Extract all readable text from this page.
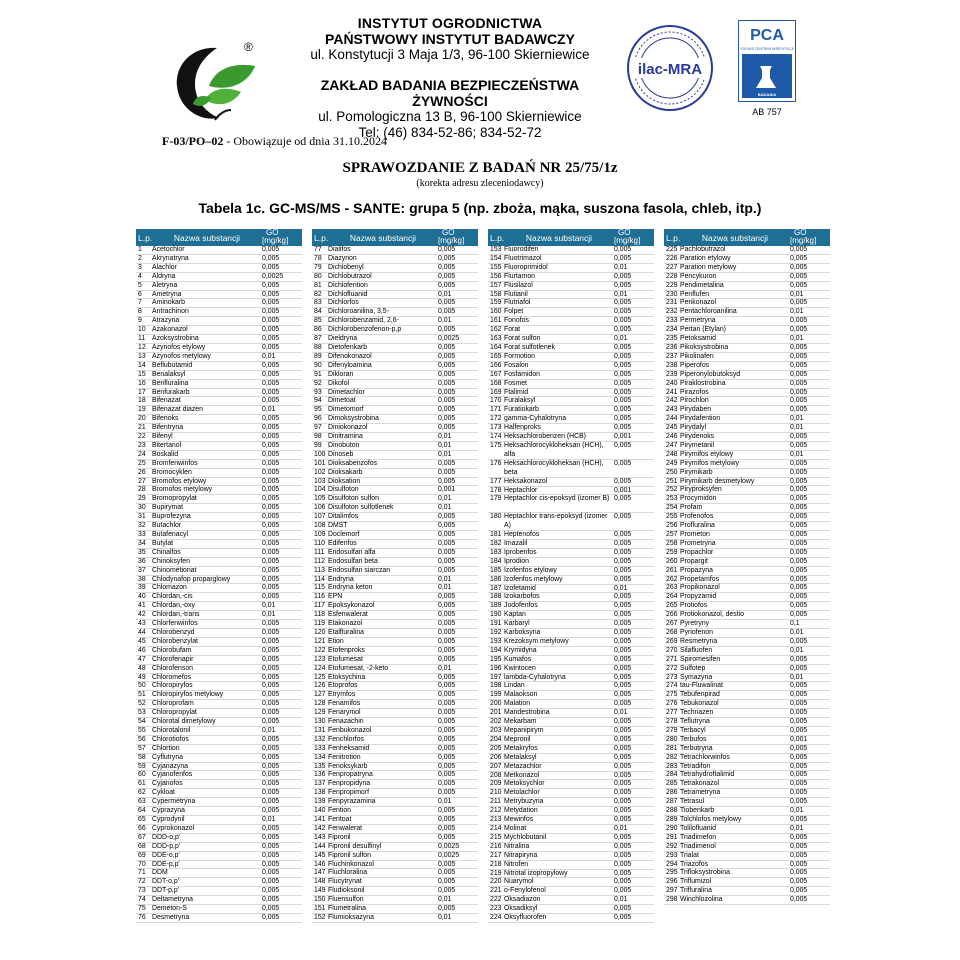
®
INSTYTUT OGRODNICTWA
PAŃSTWOWY INSTYTUT BADAWCZY
ul. Konstytucji 3 Maja 1/3, 96-100 Skierniewice
ZAKŁAD BADANIA BEZPIECZEŃSTWA ŻYWNOŚCI
ul. Pomologiczna 13 B, 96-100 Skierniewice
Tel: (46) 834-52-86; 834-52-72
ilac-MRA
PCA
POLSKIE CENTRUM AKREDYTACJI
BADANIA
AB 757
F-03/PO–02 - Obowiązuje od dnia 31.10.2024
SPRAWOZDANIE Z BADAŃ NR 25/75/1z
(korekta adresu zleceniodawcy)
Tabela 1c. GC-MS/MS - SANTE: grupa 5 (np. zboża, mąka, suszona fasola, chleb, itp.)
L.p.	Nazwa substancji
GO
[mg/kg]
1 Acetochlor	0,005
2 Akrynatryna	0,005
3 Alachlor	0,005
4 Aldryna	0,0025
5 Aletryna	0,005
6 Ametryna	0,005
7 Aminokarb	0,005
8 Antrachinon	0,005
9 Atrazyna	0,005
10 Azakonazol	0,005
11 Azoksystrobina	0,005
12 Azynofos etylowy	0,005
13 Azynofos metylowy	0,01
14 Beflubutamid	0,005
15 Benalaksyl	0,005
16 Benfluralina	0,005
17 Benfurakarb	0,005
18 Bifenazat	0,005
19 Bifenazat diazen	0,01
20 Bifenoks	0,005
21 Bifentryna	0,005
22 Bifenyl	0,005
23 Bitertanol	0,005
24 Boskalid	0,005
25 Bromfenwinfos	0,005
26 Bromocyklen	0,005
27 Bromofos etylowy	0,005
28 Bromofos metylowy	0,005
29 Bromopropylat	0,005
30 Bupirymat	0,005
31 Buprofezyna	0,005
32 Butachlor	0,005
33 Butafenacyl	0,005
34 Butylat	0,005
35 Chinalfos	0,005
36 Chinoksyfen	0,005
37 Chinometionat	0,005
38 Chlodynafop proparglowy	0,005
39 Chlomazon	0,005
40 Chlordan,-cis	0,005
41 Chlordan,-oxy	0,01
42 Chlordan,-trans	0,01
43 Chlorfenwinfos	0,005
44 Chlorobenzyd	0,005
45 Chlorobenzylat	0,005
46 Chlorobufam	0,005
47 Chlorofenapir	0,005
48 Chlorofenson	0,005
49 Chloromefos	0,005
50 Chloropiryfos	0,005
51 Chloropiryfos metylowy	0,005
52 Chloroprofam	0,005
53 Chloropropylat	0,005
54 Chlorotal dimetylowy	0,005
55 Chlorotalonil	0,01
56 Chlorotiofos	0,005
57 Chlortion	0,005
58 Cyflutryna	0,005
59 Cyjanazyna	0,005
60 Cyjanofenfos	0,005
61 Cyjanofos	0,005
62 Cykloat	0,005
63 Cypermetryna	0,005
64 Cyprazyna	0,005
65 Cyprodynil	0,01
66 Cyprokonazol	0,005
67 DDD-o,p'	0,005
68 DDD-p,p'	0,005
69 DDE-o,p'	0,005
70 DDE-p,p'	0,005
71 DDM	0,005
72 DDT-o,p'	0,005
73 DDT-p,p'	0,005
74 Deltametryna	0,005
75 Demeton-S	0,005
76 Desmetryna	0,005
L.p.	Nazwa substancji
GO
[mg/kg]
77 Dialifos	0,005
78 Diazynon	0,005
79 Dichlobenyl	0,005
80 Dichlobutrazol	0,005
81 Dichlofention	0,005
82 Dichlofluanid	0,01
83 Dichlorfos	0,005
84 Dichloroanilina, 3,5-	0,005
85 Dichlorobenzamid, 2,6-	0,01
86 Dichlorobenzofenon-p,p	0,005
87 Dieldryna	0,0025
88 Dietofenkarb	0,005
89 Difenokonazol	0,005
90 Difenyloamina	0,005
91 Dikloran	0,005
92 Dikofol	0,005
93 Dimetachlor	0,005
94 Dimetoat	0,005
95 Dimetomorf	0,005
96 Dimoksystrobina	0,005
97 Diniokonazol	0,005
98 Dinitramina	0,01
99 Dinobuton	0,01
100 Dinoseb	0,01
101 Dioksabenzofos	0,005
102 Dioksakarb	0,005
103 Dioksation	0,005
104 Disulfoton	0,001
105 Disulfoton sulfon	0,01
106 Disulfoton sulfotlenek	0,01
107 Ditalimfos	0,005
108 DMST	0,005
109 Doclemorf	0,005
110 Edifenfos	0,005
111 Endosulfan alfa	0,005
112 Endosulfan beta	0,005
113 Endosulfan siarczan	0,005
114 Endryna	0,01
115 Endryna keton	0,01
116 EPN	0,005
117 Epoksykonazol	0,005
118 Esfenwalerat	0,005
119 Etakonazol	0,005
120 Etalfluralina	0,005
121 Etion	0,005
122 Etofenproks	0,005
123 Etofumesat	0,005
124 Etofumesat, -2-keto	0,01
125 Etoksychina	0,005
126 Etoprofos	0,005
127 Etrymfos	0,005
128 Fenamifos	0,005
129 Fenarymol	0,005
130 Fenazachin	0,005
131 Fenbukonazol	0,005
132 Fenchlorfos	0,005
133 Fenheksamid	0,005
134 Fenitrotion	0,005
135 Fenoksykarb	0,005
136 Fenpropatryna	0,005
137 Fenpropidyna	0,005
138 Fenpropimorf	0,005
139 Fenpyrazamina	0,01
140 Fention	0,005
141 Fentoat	0,005
142 Fenwalerat	0,005
143 Fipronil	0,005
144 Fipronil desulfinyl	0,0025
145 Fipronil sulfon	0,0025
146 Fluchinkonazol	0,005
147 Fluchloralina	0,005
148 Flucytrynat	0,005
149 Fludioksonil	0,005
150 Fluensulfon	0,01
151 Flumetralina	0,005
152 Flumioksazyna	0,01
L.p.	Nazwa substancji
GO
[mg/kg]
153 Fluorodifen	0,005
154 Fluotrimazol	0,005
155 Fluoroprimidol	0,01
156 Flurtamon	0,005
157 Flusilazol	0,005
158 Flutianil	0,01
159 Flutriafol	0,005
160 Folpet	0,005
161 Fonofos	0,005
162 Forat	0,005
163 Forat sulfon	0,01
164 Forat sulfotlenek	0,005
165 Formotion	0,005
166 Fosalon	0,005
167 Fosfamidon	0,005
168 Fosmet	0,005
169 Ftalimid	0,005
170 Furalaksyl	0,005
171 Furatiokarb	0,005
172 gamma-Cyhalotryna	0,005
173 Halfenproks	0,005
174 Heksachlorobenzen (HCB)	0,001
175 Heksachlorocykloheksan (HCH), alfa
0,005
176 Heksachlorocykloheksan (HCH), beta
0,005
177 Heksakonazol	0,005
178 Heptachlor	0,001
179 Heptachlor cis-epoksyd (izomer B) 0,005
180 Heptachlor trans-epoksyd (izomer A)
0,005
181 Heptenofos	0,005
182 Imazalil	0,005
183 Iprobenfos	0,005
184 Iprodion	0,005
185 Izofenfos etylowy	0,005
186 Izofenfos metylowy	0,005
187 Izofetamid	0,01
188 Izokarbofos	0,005
189 Jodofenfos	0,005
190 Kaptan	0,005
191 Karbaryl	0,005
192 Karboksyna	0,005
193 Krezoksym metylowy	0,005
194 Krymidyna	0,005
195 Kumafos	0,005
196 Kwintocen	0,005
197 lambda-Cyhalotryna	0,005
198 Lindan	0,005
199 Malaokson	0,005
200 Malation	0,005
201 Mandestrobina	0,01
202 Mekarbam	0,005
203 Mepanipirym	0,005
204 Mepronil	0,005
205 Metakryfos	0,005
206 Metalaksyl	0,005
207 Metazachlor	0,005
208 Metkonazol	0,005
209 Metoksychlor	0,005
210 Metolachlor	0,005
211 Metrybuzyna	0,005
212 Metydation	0,005
213 Mewinfos	0,005
214 Molinat	0,01
215 Mychlobutanil	0,005
216 Nitralina	0,005
217 Nitrapiryna	0,005
218 Nitrofen	0,005
219 Nitrotal izopropylowy	0,005
220 Nuarymol	0,005
221 o-Fenylofenol	0,005
222 Oksadiazon	0,01
223 Oksadiksyl	0,005
224 Oksyfluorofen	0,005
L.p.	Nazwa substancji
GO
[mg/kg]
225 Pachlobutrazol	0,005
226 Paration etylowy	0,005
227 Paration metylowy	0,005
228 Pencykuron	0,005
229 Pendimetalina	0,005
230 Penflufen	0,01
231 Penkonazol	0,005
232 Pentachloroanilina	0,01
233 Permetryna	0,005
234 Pertan (Etylan)	0,005
235 Petoksamid	0,01
236 Pikoksystrobina	0,005
237 Pikolinafen	0,005
238 Piperofos	0,005
239 Piperonylobutoksyd	0,005
240 Piraklostrobina	0,005
241 Pirazofos	0,005
242 Pirochlon	0,005
243 Pirydaben	0,005
244 Pirydafention	0,01
245 Pirydalyl	0,01
246 Pirydenoks	0,005
247 Pirymetanil	0,005
248 Pirymifos etylowy	0,01
249 Pirymifos metylowy	0,005
250 Pirymikarb	0,005
251 Pirymikarb desmetylowy	0,005
252 Piryproksyfen	0,005
253 Procymidon	0,005
254 Profam	0,005
255 Profenofos	0,005
256 Profluralina	0,005
257 Prometon	0,005
258 Prometryna	0,005
259 Propachlor	0,005
260 Propargit	0,005
261 Propazyna	0,005
262 Propetamfos	0,005
263 Propikonazol	0,005
264 Propyzamid	0,005
265 Protiofos	0,005
266 Protiokonazol, destio	0,005
267 Pyretryny	0,1
268 Pyriofenon	0,01
269 Resmetryna	0,005
270 Silafluofen	0,01
271 Spiromesifen	0,005
272 Sulfotep	0,005
273 Symazyna	0,01
274 tau-Fluwalinat	0,005
275 Tebufenpirad	0,005
276 Tebukonazol	0,005
277 Technazen	0,005
278 Teflutryna	0,005
279 Terbacyl	0,005
280 Terbufos	0,001
281 Terbutryna	0,005
282 Tetrachlorwinfos	0,005
283 Tetradifon	0,005
284 Tetrahydroftalimid	0,005
285 Tetrakonazol	0,005
286 Tetrametryna	0,005
287 Tetrasul	0,005
288 Tiobenkarb	0,01
289 Tolchlofos metylowy	0,005
290 Tolilofluanid	0,01
291 Triadimefon	0,005
292 Triadimenol	0,005
293 Trialat	0,005
294 Triazofos	0,005
295 Trifloksystrobina	0,005
296 Triflumizol	0,005
297 Trifluralina	0,005
298 Winchlozolina	0,005
